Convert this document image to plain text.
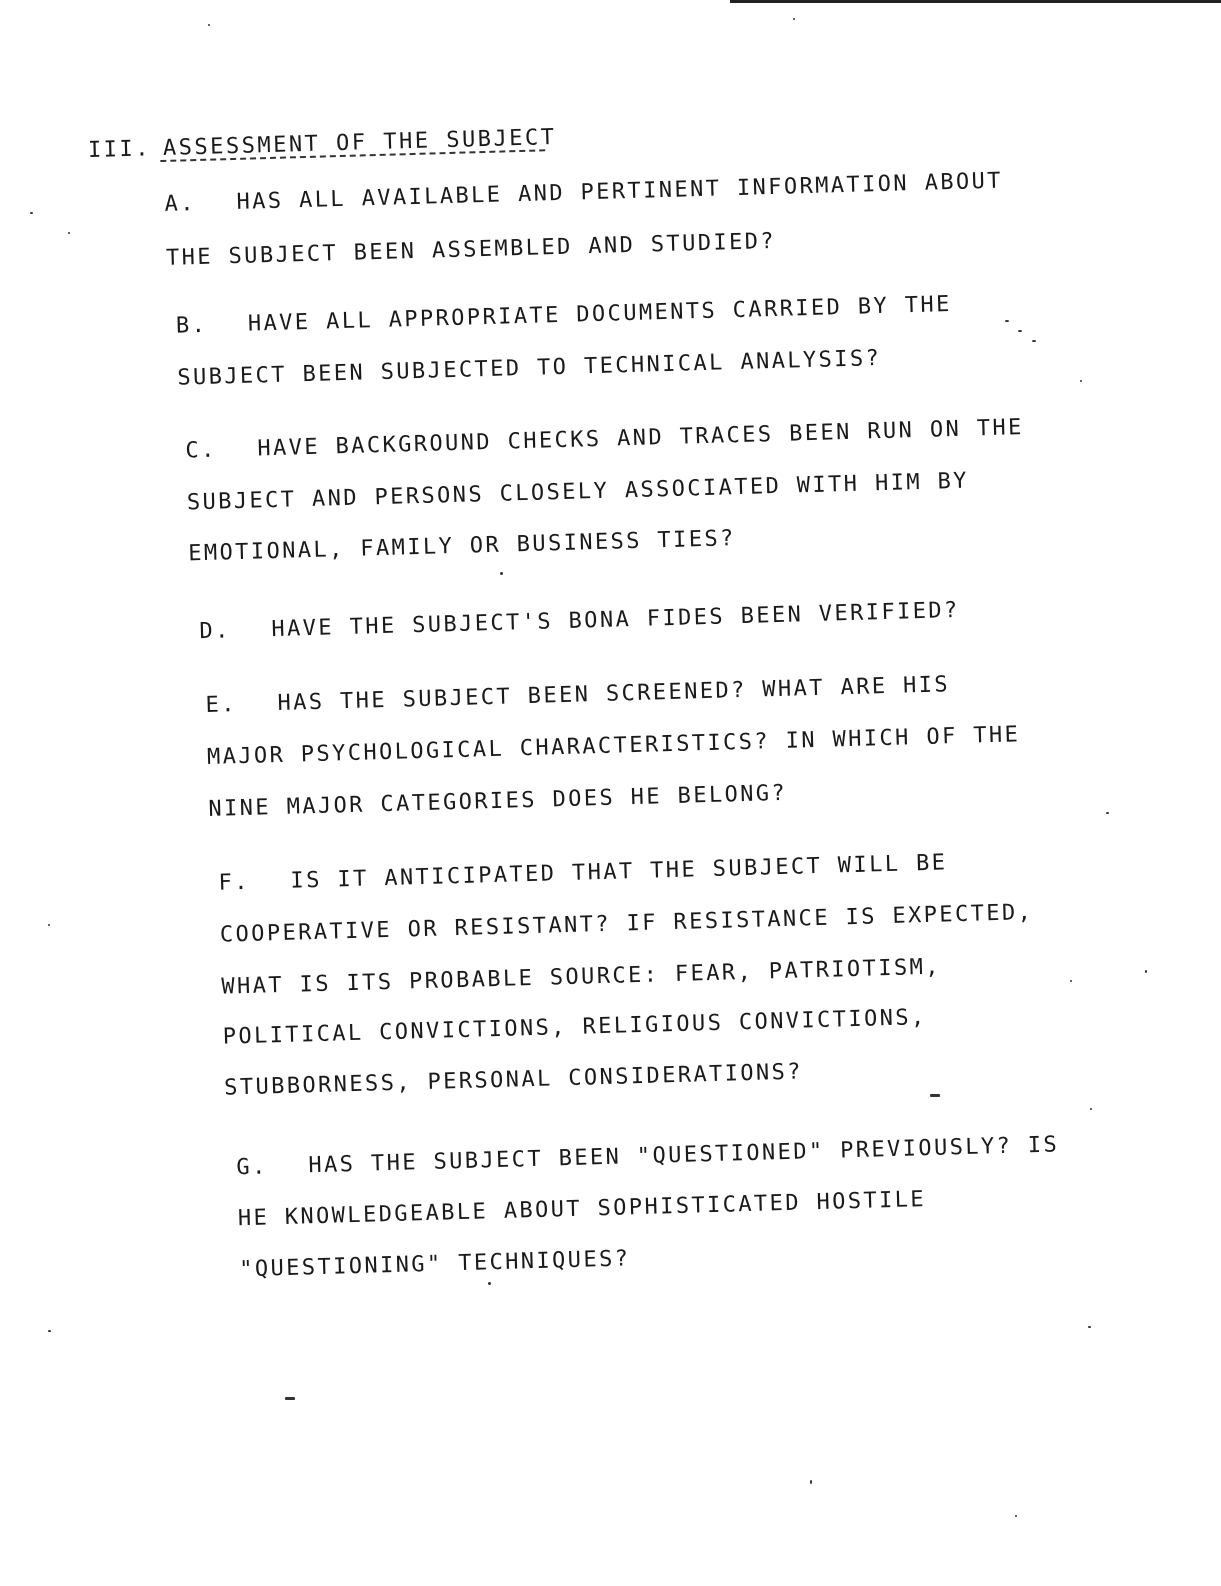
III. ASSESSMENT OF THE SUBJECT
A. HAS ALL AVAILABLE AND PERTINENT INFORMATION ABOUT
THE SUBJECT BEEN ASSEMBLED AND STUDIED?
B. HAVE ALL APPROPRIATE DOCUMENTS CARRIED BY THE
SUBJECT BEEN SUBJECTED TO TECHNICAL ANALYSIS?
C. HAVE BACKGROUND CHECKS AND TRACES BEEN RUN ON THE
SUBJECT AND PERSONS CLOSELY ASSOCIATED WITH HIM BY
EMOTIONAL, FAMILY OR BUSINESS TIES?
D. HAVE THE SUBJECT'S BONA FIDES BEEN VERIFIED?
E. HAS THE SUBJECT BEEN SCREENED? WHAT ARE HIS
MAJOR PSYCHOLOGICAL CHARACTERISTICS? IN WHICH OF THE
NINE MAJOR CATEGORIES DOES HE BELONG?
F. IS IT ANTICIPATED THAT THE SUBJECT WILL BE
COOPERATIVE OR RESISTANT? IF RESISTANCE IS EXPECTED,
WHAT IS ITS PROBABLE SOURCE: FEAR, PATRIOTISM,
POLITICAL CONVICTIONS, RELIGIOUS CONVICTIONS,
STUBBORNESS, PERSONAL CONSIDERATIONS?
G. HAS THE SUBJECT BEEN "QUESTIONED" PREVIOUSLY? IS
HE KNOWLEDGEABLE ABOUT SOPHISTICATED HOSTILE
"QUESTIONING" TECHNIQUES?
